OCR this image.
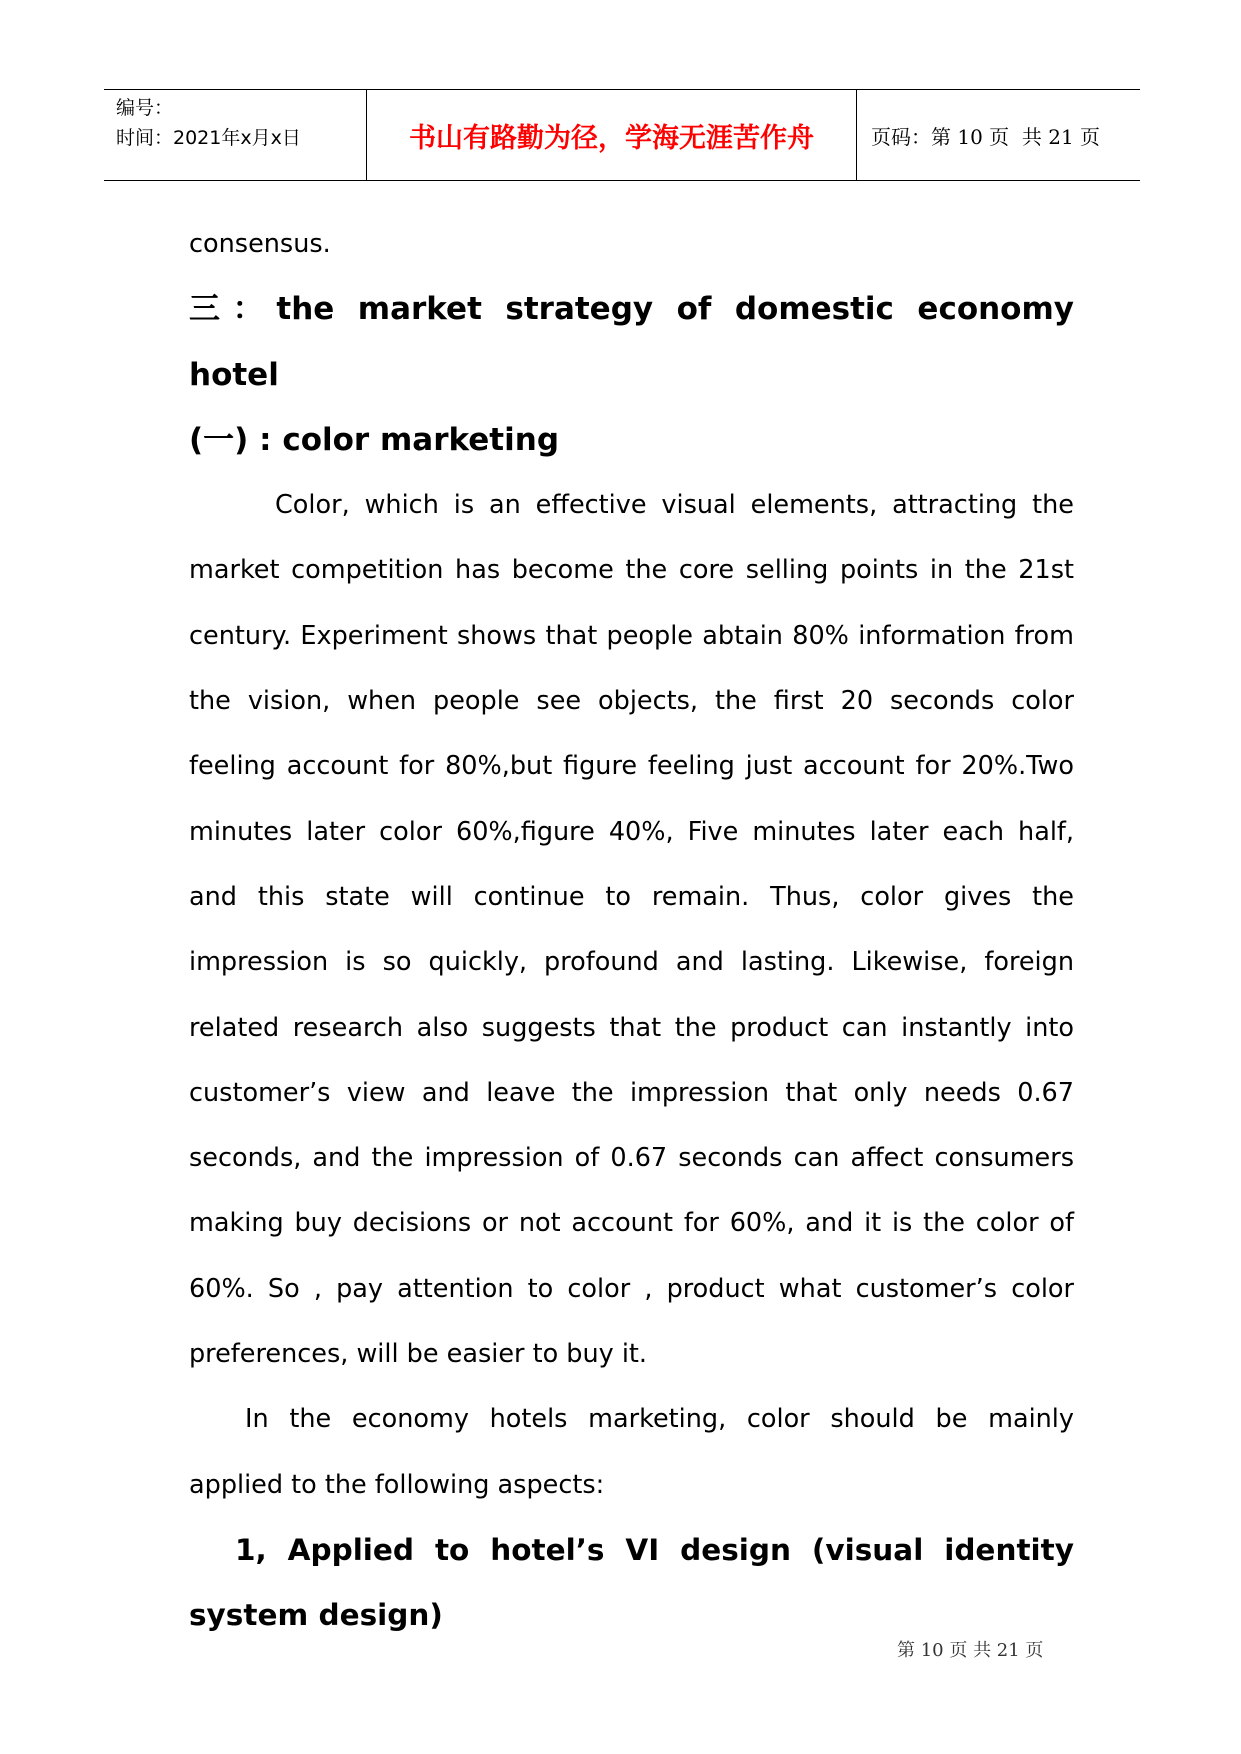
编号：
时间：2021年x月x日	书山有路勤为径，学海无涯苦作舟	页码：第 10 页  共 21 页

consensus.

三：the market strategy of domestic economy hotel

(一) : color marketing

Color, which is an effective visual elements, attracting the market competition has become the core selling points in the 21st century. Experiment shows that people abtain 80% information from the vision, when people see objects, the first 20 seconds color feeling account for 80%,but figure feeling just account for 20%.Two minutes later color 60%,figure 40%, Five minutes later each half, and this state will continue to remain. Thus, color gives the impression is so quickly, profound and lasting. Likewise, foreign related research also suggests that the product can instantly into customer’s view and leave the impression that only needs 0.67 seconds, and the impression of 0.67 seconds can affect consumers making buy decisions or not account for 60%, and it is the color of 60%. So , pay attention to color , product what customer’s color preferences, will be easier to buy it.

In the economy hotels marketing, color should be mainly applied to the following aspects:

1, Applied to hotel’s VI design (visual identity system design)

第 10 页 共 21 页
